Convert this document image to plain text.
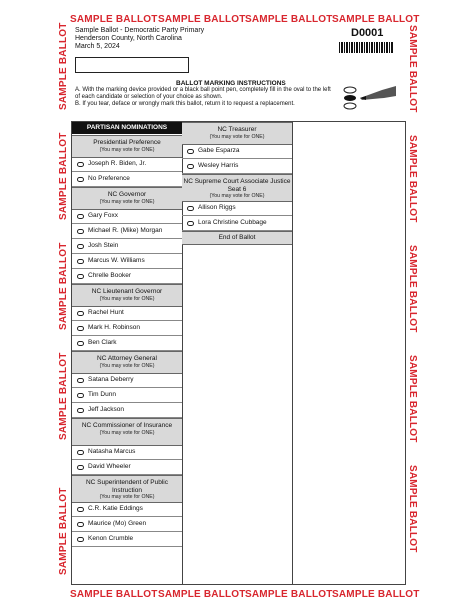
SAMPLE BALLOT SAMPLE BALLOT SAMPLE BALLOT SAMPLE BALLOT
SAMPLE BALLOT SAMPLE BALLOT SAMPLE BALLOT SAMPLE BALLOT
SAMPLE BALLOT
SAMPLE BALLOT
SAMPLE BALLOT
SAMPLE BALLOT
SAMPLE BALLOT
SAMPLE BALLOT
SAMPLE BALLOT
SAMPLE BALLOT
SAMPLE BALLOT
SAMPLE BALLOT
Sample Ballot - Democratic Party Primary
Henderson County, North Carolina
March 5, 2024
D0001
BALLOT MARKING INSTRUCTIONS
A. With the marking device provided or a black ball point pen, completely fill in the oval to the left of each candidate or selection of your choice as shown.
B. If you tear, deface or wrongly mark this ballot, return it to request a replacement.
PARTISAN NOMINATIONS
Presidential Preference
(You may vote for ONE)
Joseph R. Biden, Jr.
No Preference
NC Governor
(You may vote for ONE)
Gary Foxx
Michael R. (Mike) Morgan
Josh Stein
Marcus W. Williams
Chrelle Booker
NC Lieutenant Governor
(You may vote for ONE)
Rachel Hunt
Mark H. Robinson
Ben Clark
NC Attorney General
(You may vote for ONE)
Satana Deberry
Tim Dunn
Jeff Jackson
NC Commissioner of Insurance
(You may vote for ONE)
Natasha Marcus
David Wheeler
NC Superintendent of Public Instruction
(You may vote for ONE)
C.R. Katie Eddings
Maurice (Mo) Green
Kenon Crumble
NC Treasurer
(You may vote for ONE)
Gabe Esparza
Wesley Harris
NC Supreme Court Associate Justice Seat 6
(You may vote for ONE)
Allison Riggs
Lora Christine Cubbage
End of Ballot
